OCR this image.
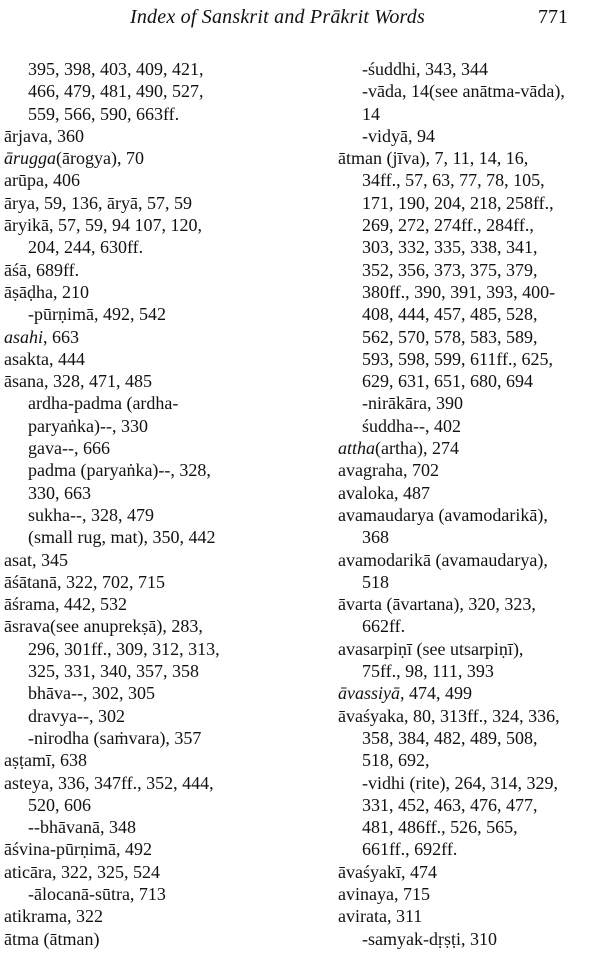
Index of Sanskrit and Prākrit Words	771
395, 398, 403, 409, 421,
466, 479, 481, 490, 527,
559, 566, 590, 663ff.
ārjava, 360
ārugga(ārogya), 70
arūpa, 406
ārya, 59, 136, āryā, 57, 59
āryikā, 57, 59, 94 107, 120,
204, 244, 630ff.
āśā, 689ff.
āṣāḍha, 210
-pūrṇimā, 492, 542
asahi, 663
asakta, 444
āsana, 328, 471, 485
ardha-padma (ardha-
paryaṅka)--, 330
gava--, 666
padma (paryaṅka)--, 328,
330, 663
sukha--, 328, 479
(small rug, mat), 350, 442
asat, 345
āśātanā, 322, 702, 715
āśrama, 442, 532
āsrava(see anuprekṣā), 283,
296, 301ff., 309, 312, 313,
325, 331, 340, 357, 358
bhāva--, 302, 305
dravya--, 302
-nirodha (saṁvara), 357
aṣṭamī, 638
asteya, 336, 347ff., 352, 444,
520, 606
--bhāvanā, 348
āśvina-pūrṇimā, 492
aticāra, 322, 325, 524
-ālocanā-sūtra, 713
atikrama, 322
ātma (ātman)
-śuddhi, 343, 344
-vāda, 14(see anātma-vāda),
14
-vidyā, 94
ātman (jīva), 7, 11, 14, 16,
34ff., 57, 63, 77, 78, 105,
171, 190, 204, 218, 258ff.,
269, 272, 274ff., 284ff.,
303, 332, 335, 338, 341,
352, 356, 373, 375, 379,
380ff., 390, 391, 393, 400-
408, 444, 457, 485, 528,
562, 570, 578, 583, 589,
593, 598, 599, 611ff., 625,
629, 631, 651, 680, 694
-nirākāra, 390
śuddha--, 402
attha(artha), 274
avagraha, 702
avaloka, 487
avamaudarya (avamodarikā),
368
avamodarikā (avamaudarya),
518
āvarta (āvartana), 320, 323,
662ff.
avasarpiṇī (see utsarpiṇī),
75ff., 98, 111, 393
āvassiyā, 474, 499
āvaśyaka, 80, 313ff., 324, 336,
358, 384, 482, 489, 508,
518, 692,
-vidhi (rite), 264, 314, 329,
331, 452, 463, 476, 477,
481, 486ff., 526, 565,
661ff., 692ff.
āvaśyakī, 474
avinaya, 715
avirata, 311
-samyak-dṛṣṭi, 310
